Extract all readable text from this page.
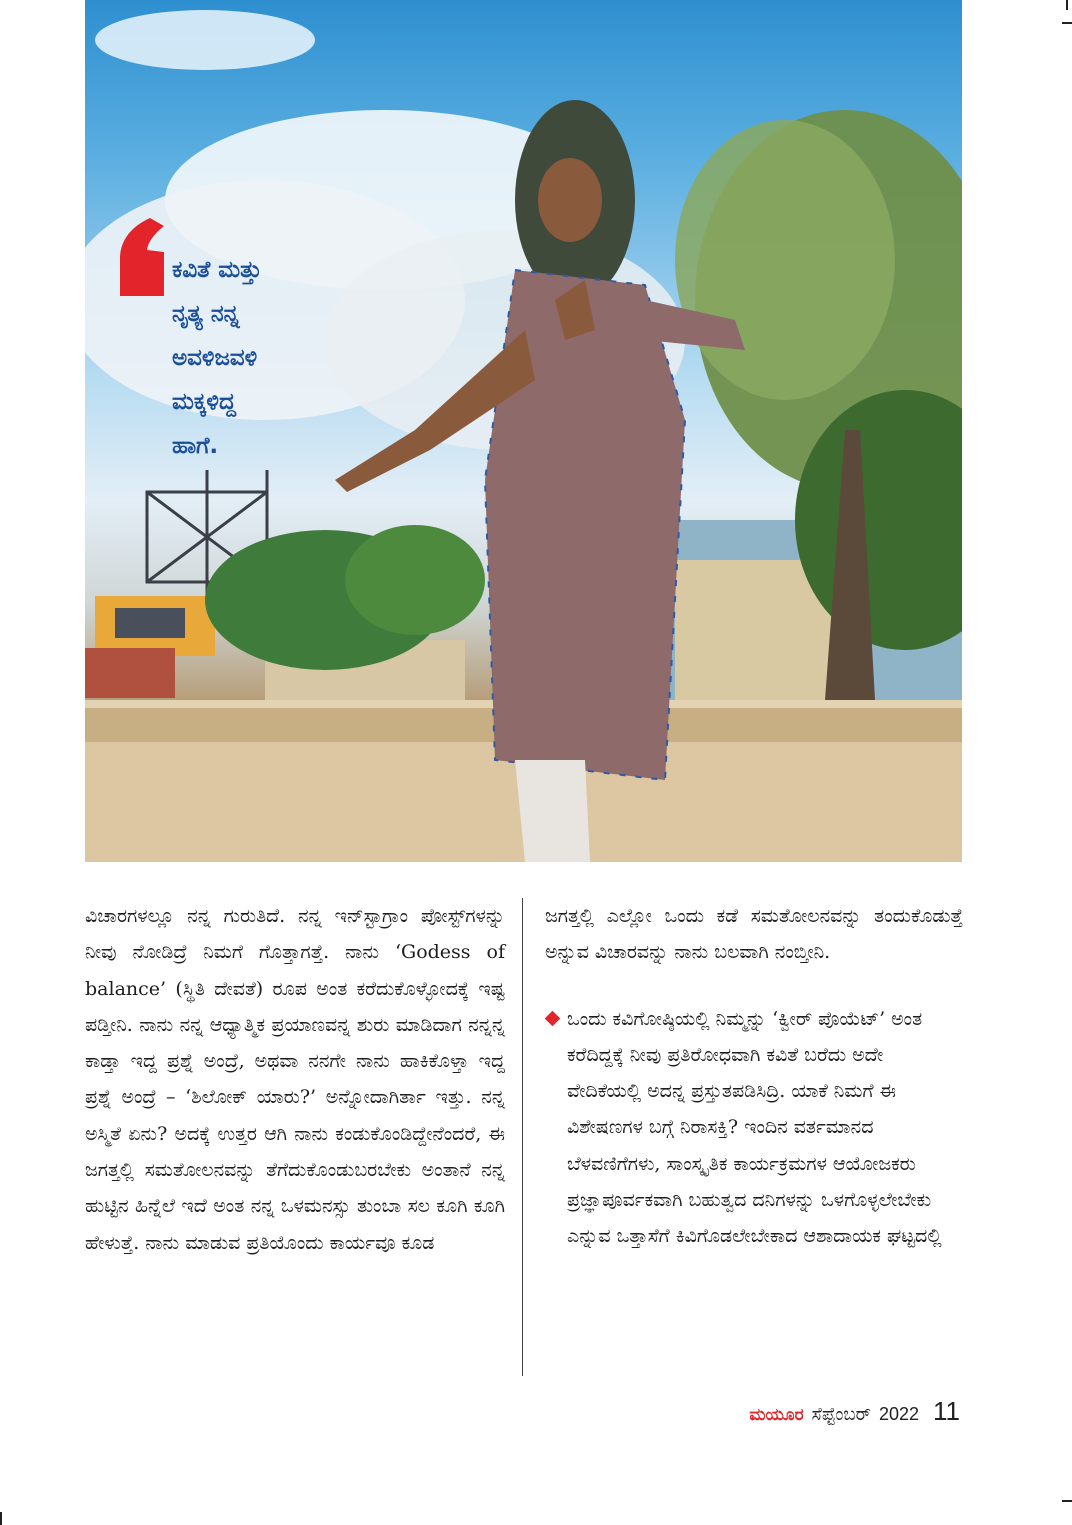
ಕವಿತೆ ಮತ್ತು
ನೃತ್ಯ ನನ್ನ
ಅವಳಿಜವಳಿ
ಮಕ್ಕಳಿದ್ದ
ಹಾಗೆ.

ವಿಚಾರಗಳಲ್ಲೂ ನನ್ನ ಗುರುತಿದೆ. ನನ್ನ ಇನ್‌ಸ್ಟಾಗ್ರಾಂ ಪೋಸ್ಟ್‌ಗಳನ್ನು ನೀವು ನೋಡಿದ್ರೆ ನಿಮಗೆ ಗೊತ್ತಾಗತ್ತೆ. ನಾನು ‘Godess of balance’ (ಸ್ಥಿತಿ ದೇವತೆ) ರೂಪ ಅಂತ ಕರೆದುಕೊಳ್ಳೋದಕ್ಕೆ ಇಷ್ಟ ಪಡ್ತೀನಿ. ನಾನು ನನ್ನ ಆಧ್ಯಾತ್ಮಿಕ ಪ್ರಯಾಣವನ್ನ ಶುರು ಮಾಡಿದಾಗ ನನ್ನನ್ನ ಕಾಡ್ತಾ ಇದ್ದ ಪ್ರಶ್ನೆ ಅಂದ್ರೆ, ಅಥವಾ ನನಗೇ ನಾನು ಹಾಕಿಕೊಳ್ತಾ ಇದ್ದ ಪ್ರಶ್ನೆ ಅಂದ್ರೆ – ‘ಶಿಲೋಕ್ ಯಾರು?’ ಅನ್ನೋದಾಗಿರ್ತಾ ಇತ್ತು. ನನ್ನ ಅಸ್ಮಿತೆ ಏನು? ಅದಕ್ಕೆ ಉತ್ತರ ಆಗಿ ನಾನು ಕಂಡುಕೊಂಡಿದ್ದೇನೆಂದರೆ, ಈ ಜಗತ್ತಲ್ಲಿ ಸಮತೋಲನವನ್ನು ತೆಗೆದುಕೊಂಡುಬರಬೇಕು ಅಂತಾನೆ ನನ್ನ ಹುಟ್ಟಿನ ಹಿನ್ನೆಲೆ ಇದೆ ಅಂತ ನನ್ನ ಒಳಮನಸ್ಸು ತುಂಬಾ ಸಲ ಕೂಗಿ ಕೂಗಿ ಹೇಳುತ್ತೆ. ನಾನು ಮಾಡುವ ಪ್ರತಿಯೊಂದು ಕಾರ್ಯವೂ ಕೂಡ

ಜಗತ್ತಲ್ಲಿ ಎಲ್ಲೋ ಒಂದು ಕಡೆ ಸಮತೋಲನವನ್ನು ತಂದುಕೊಡುತ್ತೆ ಅನ್ನುವ ವಿಚಾರವನ್ನು ನಾನು ಬಲವಾಗಿ ನಂಬ್ತೀನಿ.

ಒಂದು ಕವಿಗೋಷ್ಠಿಯಲ್ಲಿ ನಿಮ್ಮನ್ನು ‘ಕ್ವೀರ್ ಪೊಯೆಟ್’ ಅಂತ ಕರೆದಿದ್ದಕ್ಕೆ ನೀವು ಪ್ರತಿರೋಧವಾಗಿ ಕವಿತೆ ಬರೆದು ಅದೇ ವೇದಿಕೆಯಲ್ಲಿ ಅದನ್ನ ಪ್ರಸ್ತುತಪಡಿಸಿದ್ರಿ. ಯಾಕೆ ನಿಮಗೆ ಈ ವಿಶೇಷಣಗಳ ಬಗ್ಗೆ ನಿರಾಸಕ್ತಿ? ಇಂದಿನ ವರ್ತಮಾನದ ಬೆಳವಣಿಗೆಗಳು, ಸಾಂಸ್ಕೃತಿಕ ಕಾರ್ಯಕ್ರಮಗಳ ಆಯೋಜಕರು ಪ್ರಜ್ಞಾಪೂರ್ವಕವಾಗಿ ಬಹುತ್ವದ ದನಿಗಳನ್ನು ಒಳಗೊಳ್ಳಲೇಬೇಕು ಎನ್ನುವ ಒತ್ತಾಸೆಗೆ ಕಿವಿಗೊಡಲೇಬೇಕಾದ ಆಶಾದಾಯಕ ಘಟ್ಟದಲ್ಲಿ

ಮಯೂರ ಸೆಪ್ಟೆಂಬರ್ 2022 11
